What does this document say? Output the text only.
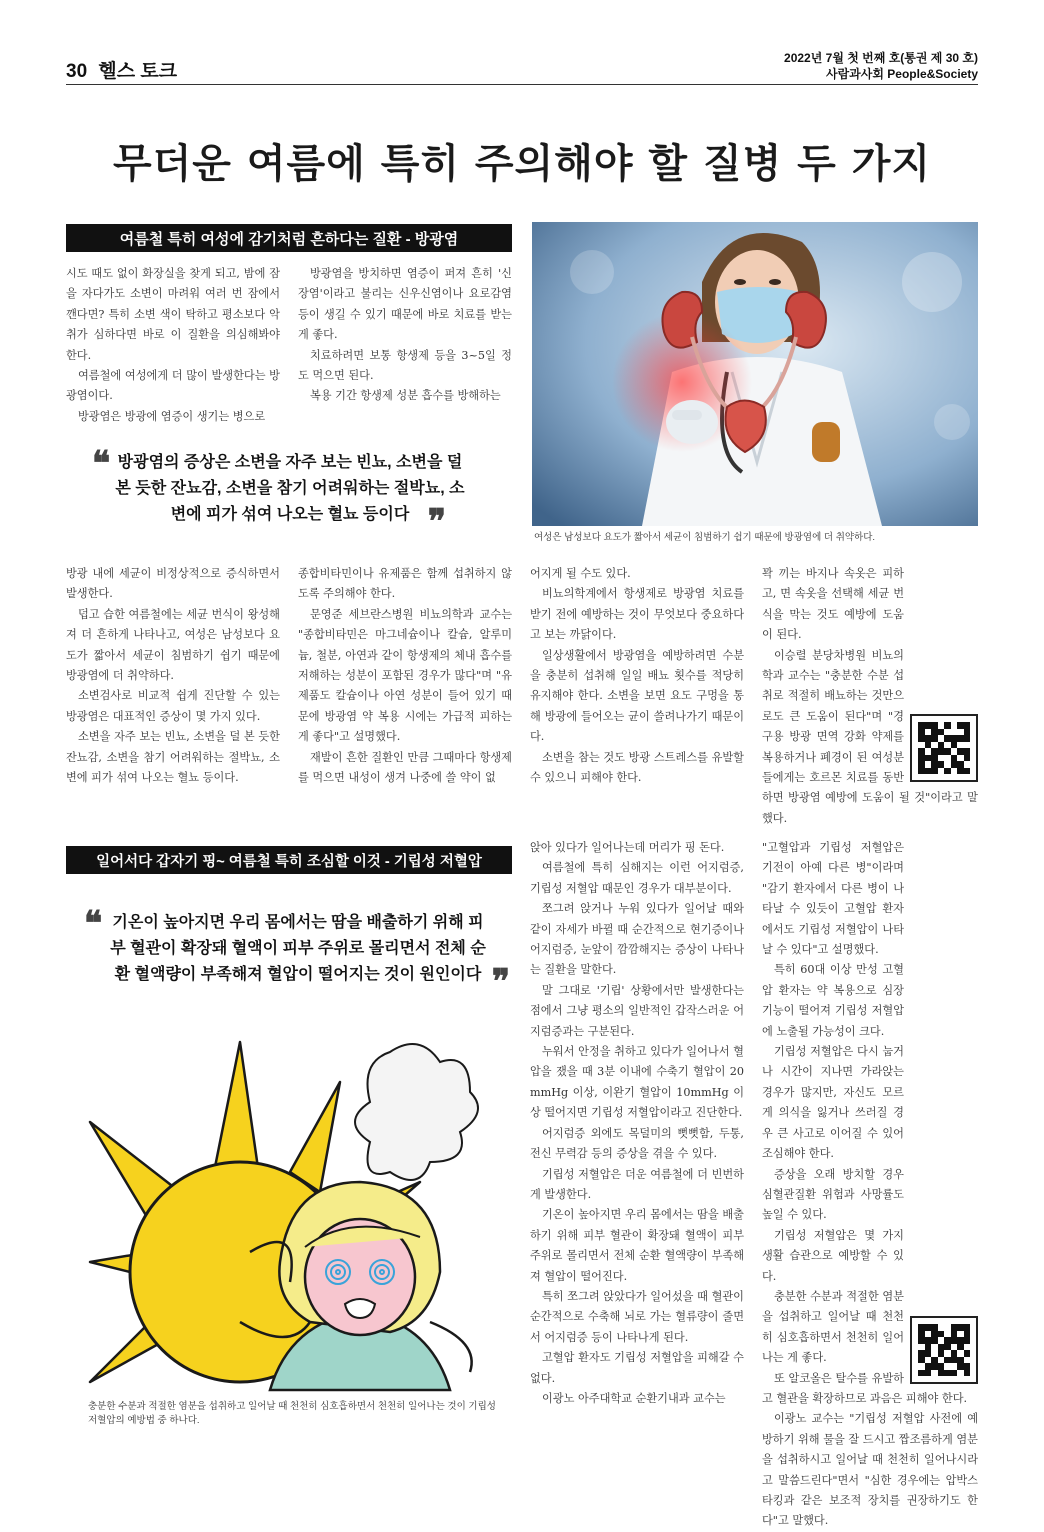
30 헬스 토크
2022년 7월 첫 번째 호(통권 제 30 호)
사람과사회 People&Society
무더운 여름에 특히 주의해야 할 질병 두 가지
여름철 특히 여성에 감기처럼 흔하다는 질환 - 방광염

시도 때도 없이 화장실을 찾게 되고, 밤에 잠을 자다가도 소변이 마려워 여러 번 잠에서 깬다면? 특히 소변 색이 탁하고 평소보다 악취가 심하다면 바로 이 질환을 의심해봐야 한다.

여름철에 여성에게 더 많이 발생한다는 방광염이다.

방광염은 방광에 염증이 생기는 병으로

방광염을 방치하면 염증이 퍼져 흔히 '신장염'이라고 불리는 신우신염이나 요로감염 등이 생길 수 있기 때문에 바로 치료를 받는 게 좋다.

치료하려면 보통 항생제 등을 3~5일 정도 먹으면 된다.

복용 기간 항생제 성분 흡수를 방해하는

❝ 방광염의 증상은 소변을 자주 보는 빈뇨, 소변을 덜 본 듯한 잔뇨감, 소변을 참기 어려워하는 절박뇨, 소변에 피가 섞여 나오는 혈뇨 등이다 ❞	여성은 남성보다 요도가 짧아서 세균이 침범하기 쉽기 때문에 방광염에 더 취약하다.

방광 내에 세균이 비정상적으로 증식하면서 발생한다.

덥고 습한 여름철에는 세균 번식이 왕성해져 더 흔하게 나타나고, 여성은 남성보다 요도가 짧아서 세균이 침범하기 쉽기 때문에 방광염에 더 취약하다.

소변검사로 비교적 쉽게 진단할 수 있는 방광염은 대표적인 증상이 몇 가지 있다.

소변을 자주 보는 빈뇨, 소변을 덜 본 듯한 잔뇨감, 소변을 참기 어려워하는 절박뇨, 소변에 피가 섞여 나오는 혈뇨 등이다.

종합비타민이나 유제품은 함께 섭취하지 않도록 주의해야 한다.

문영준 세브란스병원 비뇨의학과 교수는 "종합비타민은 마그네슘이나 칼슘, 알루미늄, 철분, 아연과 같이 항생제의 체내 흡수를 저해하는 성분이 포함된 경우가 많다"며 "유제품도 칼슘이나 아연 성분이 들어 있기 때문에 방광염 약 복용 시에는 가급적 피하는 게 좋다"고 설명했다.

재발이 흔한 질환인 만큼 그때마다 항생제를 먹으면 내성이 생겨 나중에 쓸 약이 없

어지게 될 수도 있다.

비뇨의학계에서 항생제로 방광염 치료를 받기 전에 예방하는 것이 무엇보다 중요하다고 보는 까닭이다.

일상생활에서 방광염을 예방하려면 수분을 충분히 섭취해 일일 배뇨 횟수를 적당히 유지해야 한다. 소변을 보면 요도 구멍을 통해 방광에 들어오는 균이 쓸려나가기 때문이다.

소변을 참는 것도 방광 스트레스를 유발할 수 있으니 피해야 한다.

꽉 끼는 바지나 속옷은 피하고, 면 속옷을 선택해 세균 번식을 막는 것도 예방에 도움이 된다.

이승렬 분당차병원 비뇨의학과 교수는 "충분한 수분 섭취로 적절히 배뇨하는 것만으로도 큰 도움이 된다"며 "경구용 방광 면역 강화 약제를 복용하거나 폐경이 된 여성분들에게는 호르몬 치료를 동반하면 방광염 예방에 도움이 될 것"이라고 말했다.

일어서다 갑자기 핑~ 여름철 특히 조심할 이것 - 기립성 저혈압
❝ 기온이 높아지면 우리 몸에서는 땀을 배출하기 위해 피부 혈관이 확장돼 혈액이 피부 주위로 몰리면서 전체 순환 혈액량이 부족해져 혈압이 떨어지는 것이 원인이다 ❞
충분한 수분과 적절한 염분을 섭취하고 일어날 때 천천히 심호흡하면서 천천히 일어나는 것이 기립성 저혈압의 예방법 중 하나다.

앉아 있다가 일어나는데 머리가 핑 돈다.

여름철에 특히 심해지는 이런 어지럼증, 기립성 저혈압 때문인 경우가 대부분이다.

쪼그려 앉거나 누워 있다가 일어날 때와 같이 자세가 바뀔 때 순간적으로 현기증이나 어지럼증, 눈앞이 깜깜해지는 증상이 나타나는 질환을 말한다.

말 그대로 '기립' 상황에서만 발생한다는 점에서 그냥 평소의 일반적인 갑작스러운 어지럼증과는 구분된다.

누워서 안정을 취하고 있다가 일어나서 혈압을 쟀을 때 3분 이내에 수축기 혈압이 20mmHg 이상, 이완기 혈압이 10mmHg 이상 떨어지면 기립성 저혈압이라고 진단한다.

어지럼증 외에도 목덜미의 뻣뻣함, 두통, 전신 무력감 등의 증상을 겪을 수 있다.

기립성 저혈압은 더운 여름철에 더 빈번하게 발생한다.

기온이 높아지면 우리 몸에서는 땀을 배출하기 위해 피부 혈관이 확장돼 혈액이 피부 주위로 몰리면서 전체 순환 혈액량이 부족해져 혈압이 떨어진다.

특히 쪼그려 앉았다가 일어섰을 때 혈관이 순간적으로 수축해 뇌로 가는 혈류량이 줄면서 어지럼증 등이 나타나게 된다.

고혈압 환자도 기립성 저혈압을 피해갈 수 없다.

이광노 아주대학교 순환기내과 교수는

"고혈압과 기립성 저혈압은 기전이 아예 다른 병"이라며 "감기 환자에서 다른 병이 나타날 수 있듯이 고혈압 환자에서도 기립성 저혈압이 나타날 수 있다"고 설명했다.

특히 60대 이상 만성 고혈압 환자는 약 복용으로 심장 기능이 떨어져 기립성 저혈압에 노출될 가능성이 크다.

기립성 저혈압은 다시 눕거나 시간이 지나면 가라앉는 경우가 많지만, 자신도 모르게 의식을 잃거나 쓰러질 경우 큰 사고로 이어질 수 있어 조심해야 한다.

증상을 오래 방치할 경우 심혈관질환 위험과 사망률도 높일 수 있다.

기립성 저혈압은 몇 가지 생활 습관으로 예방할 수 있다.

충분한 수분과 적절한 염분을 섭취하고 일어날 때 천천히 심호흡하면서 천천히 일어나는 게 좋다.

또 알코올은 탈수를 유발하고 혈관을 확장하므로 과음은 피해야 한다.

이광노 교수는 "기립성 저혈압 사전에 예방하기 위해 물을 잘 드시고 짭조름하게 염분을 섭취하시고 일어날 때 천천히 일어나시라고 말씀드린다"면서 "심한 경우에는 압박스타킹과 같은 보조적 장치를 권장하기도 한다"고 말했다.
